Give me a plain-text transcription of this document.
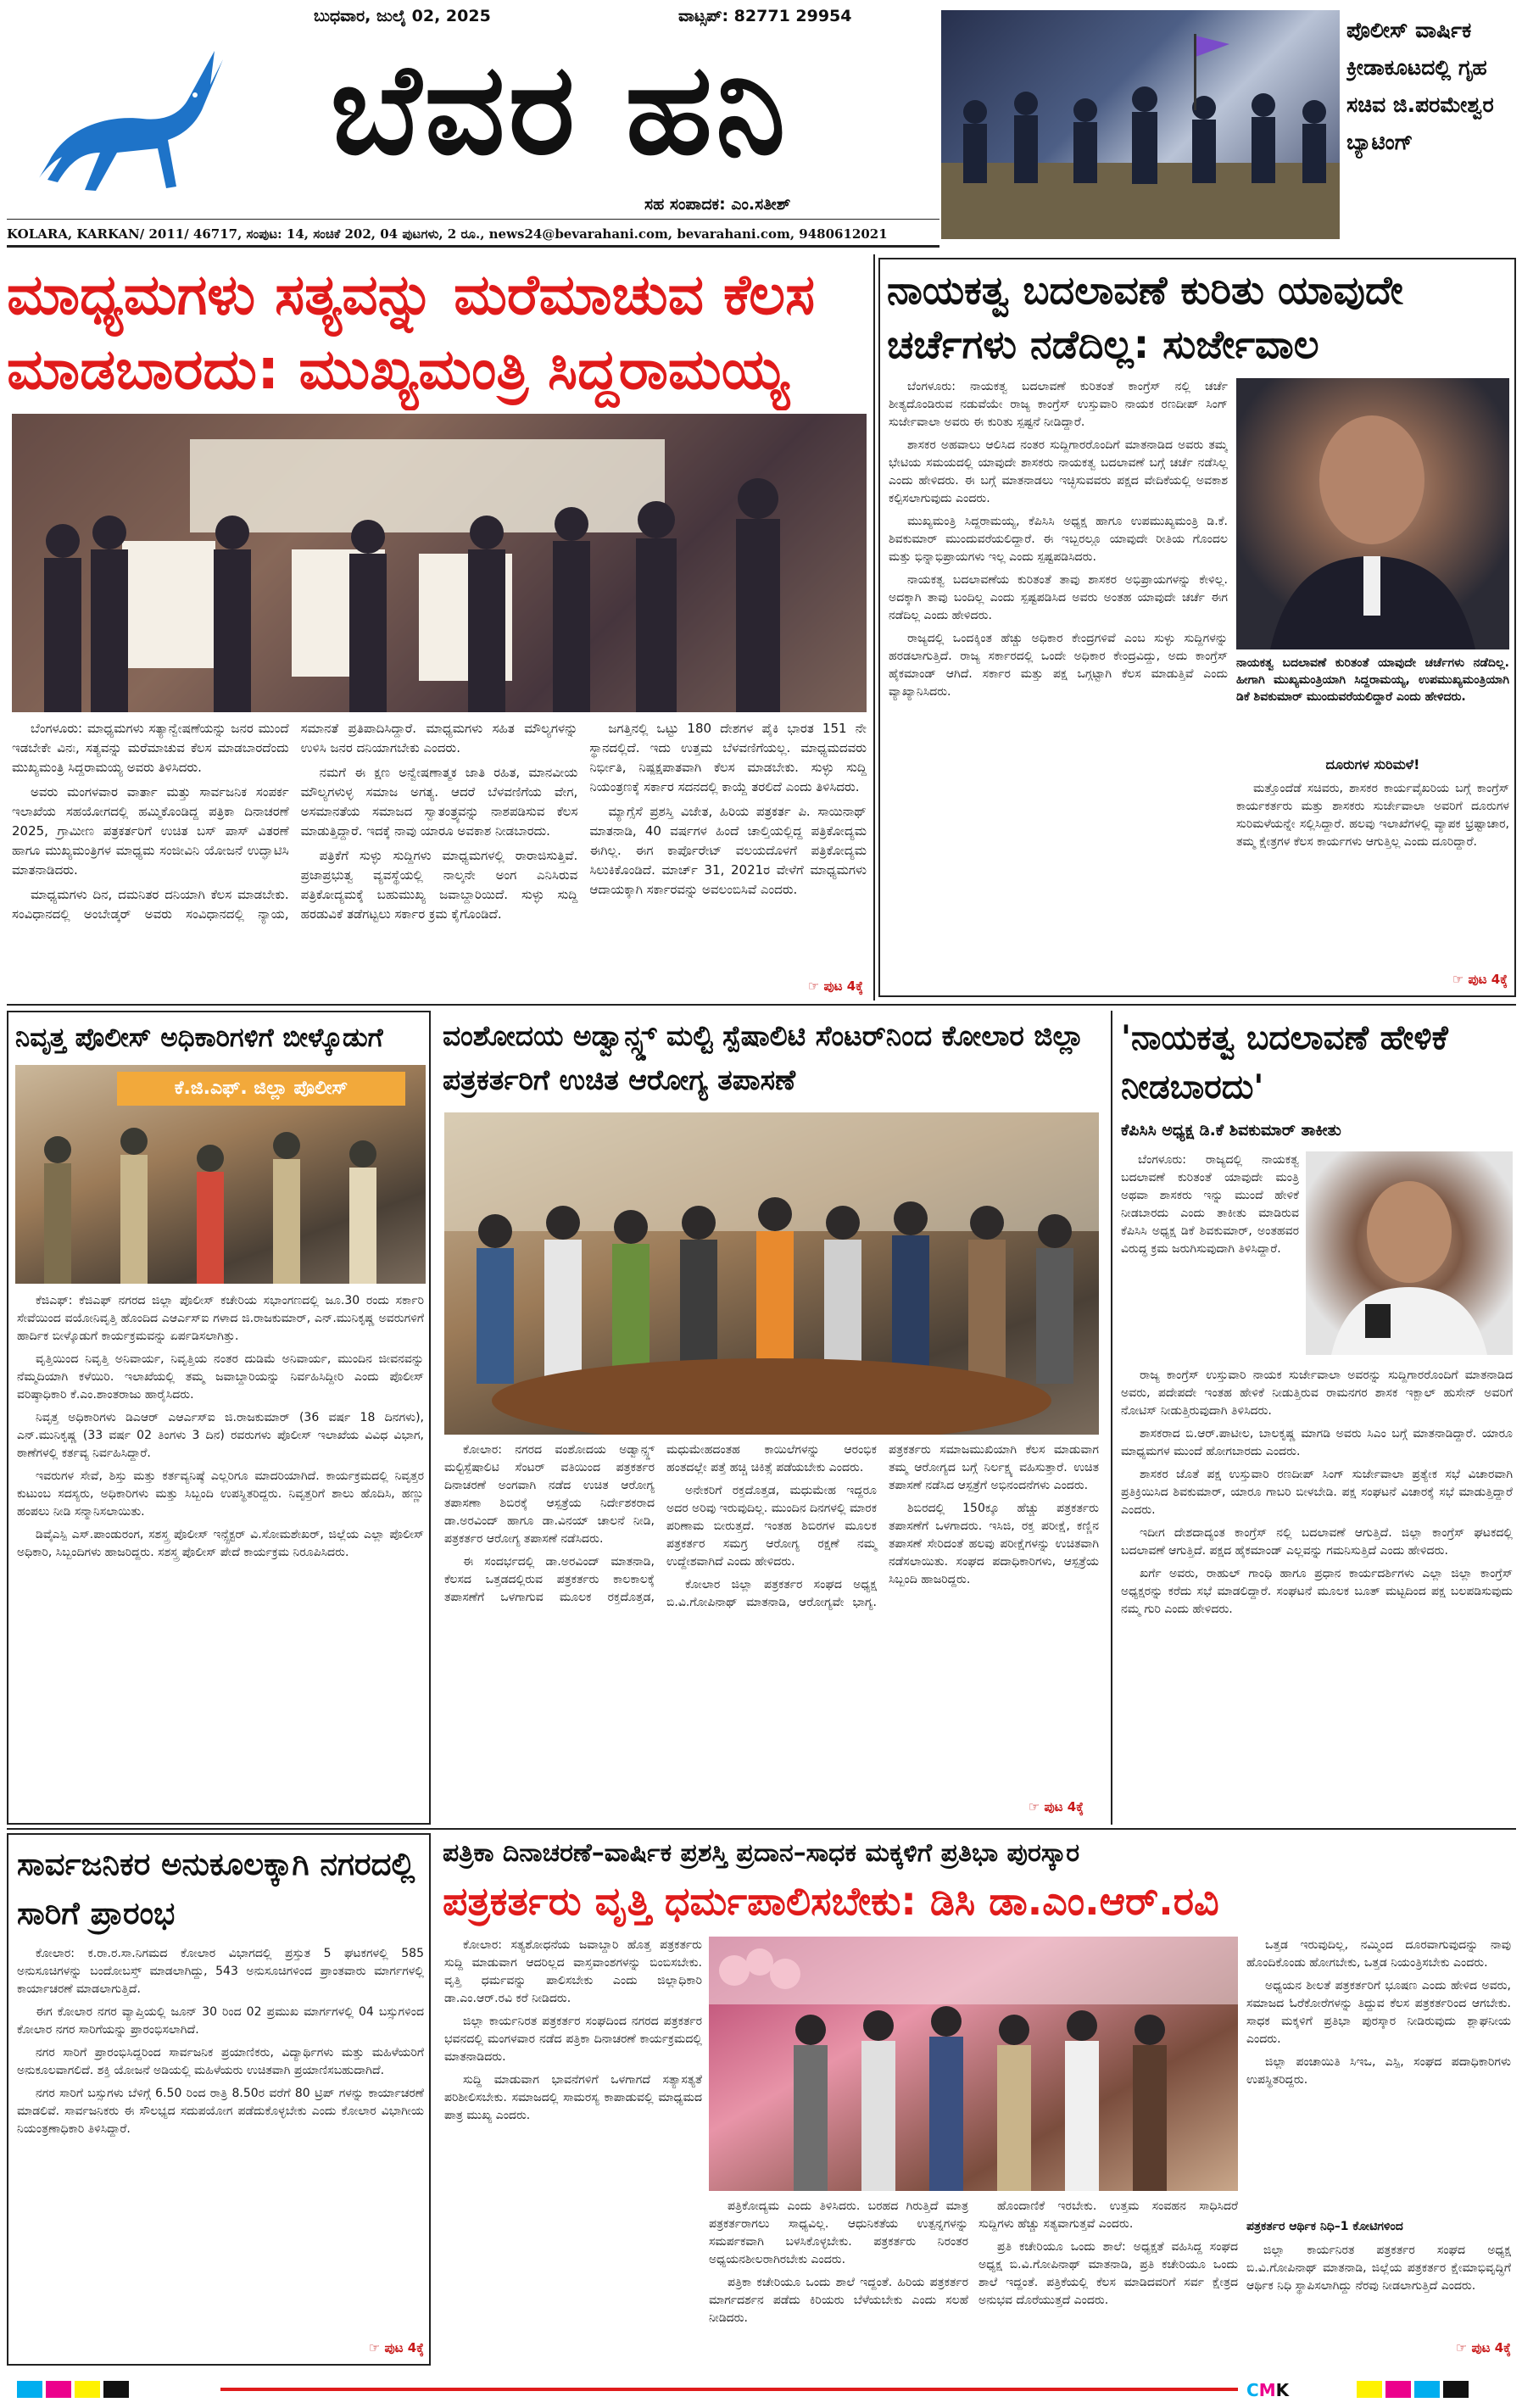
ಬುಧವಾರ, ಜುಲೈ 02, 2025	ವಾಟ್ಸಪ್: 82771 29954
ಬೆವರ ಹನಿ
ಸಹ ಸಂಪಾದಕ: ಎಂ.ಸತೀಶ್
KOLARA, KARKAN/ 2011/ 46717, ಸಂಪುಟ: 14, ಸಂಚಿಕೆ 202, 04 ಪುಟಗಳು, 2 ರೂ., news24@bevarahani.com, bevarahani.com, 9480612021
ಪೊಲೀಸ್ ವಾರ್ಷಿಕ ಕ್ರೀಡಾಕೂಟದಲ್ಲಿ ಗೃಹ ಸಚಿವ ಜಿ.ಪರಮೇಶ್ವರ ಬ್ಯಾಟಿಂಗ್
ಮಾಧ್ಯಮಗಳು ಸತ್ಯವನ್ನು ಮರೆಮಾಚುವ ಕೆಲಸ ಮಾಡಬಾರದು: ಮುಖ್ಯಮಂತ್ರಿ ಸಿದ್ದರಾಮಯ್ಯ

ಬೆಂಗಳೂರು: ಮಾಧ್ಯಮಗಳು ಸತ್ಯಾನ್ವೇಷಣೆಯನ್ನು ಜನರ ಮುಂದೆ ಇಡಬೇಕೇ ವಿನಃ, ಸತ್ಯವನ್ನು ಮರೆಮಾಚುವ ಕೆಲಸ ಮಾಡಬಾರದೆಂದು ಮುಖ್ಯಮಂತ್ರಿ ಸಿದ್ದರಾಮಯ್ಯ ಅವರು ತಿಳಿಸಿದರು.

ಅವರು ಮಂಗಳವಾರ ವಾರ್ತಾ ಮತ್ತು ಸಾರ್ವಜನಿಕ ಸಂಪರ್ಕ ಇಲಾಖೆಯ ಸಹಯೋಗದಲ್ಲಿ ಹಮ್ಮಿಕೊಂಡಿದ್ದ ಪತ್ರಿಕಾ ದಿನಾಚರಣೆ 2025, ಗ್ರಾಮೀಣ ಪತ್ರಕರ್ತರಿಗೆ ಉಚಿತ ಬಸ್ ಪಾಸ್ ವಿತರಣೆ ಹಾಗೂ ಮುಖ್ಯಮಂತ್ರಿಗಳ ಮಾಧ್ಯಮ ಸಂಜೀವಿನಿ ಯೋಜನೆ ಉದ್ಘಾಟಿಸಿ ಮಾತನಾಡಿದರು.

ಮಾಧ್ಯಮಗಳು ದಿನ, ದಮನಿತರ ದನಿಯಾಗಿ ಕೆಲಸ ಮಾಡಬೇಕು. ಸಂವಿಧಾನದಲ್ಲಿ ಅಂಬೇಡ್ಕರ್ ಅವರು ಸಂವಿಧಾನದಲ್ಲಿ ನ್ಯಾಯ, ಸಮಾನತೆ ಪ್ರತಿಪಾದಿಸಿದ್ದಾರೆ. ಮಾಧ್ಯಮಗಳು ಸಹಿತ ಮೌಲ್ಯಗಳನ್ನು ಉಳಿಸಿ ಜನರ ದನಿಯಾಗಬೇಕು ಎಂದರು.

ನಮಗೆ ಈ ಕ್ಷಣ ಅನ್ವೇಷಣಾತ್ಮಕ ಜಾತಿ ರಹಿತ, ಮಾನವೀಯ ಮೌಲ್ಯಗಳುಳ್ಳ ಸಮಾಜ ಅಗತ್ಯ. ಆದರೆ ಬೆಳವಣಿಗೆಯ ವೇಗ, ಅಸಮಾನತೆಯ ಸಮಾಜದ ಸ್ವಾತಂತ್ರ್ಯವನ್ನು ನಾಶಪಡಿಸುವ ಕೆಲಸ ಮಾಡುತ್ತಿದ್ದಾರೆ. ಇದಕ್ಕೆ ನಾವು ಯಾರೂ ಅವಕಾಶ ನೀಡಬಾರದು.

ಪತ್ರಿಕೆಗೆ ಸುಳ್ಳು ಸುದ್ದಿಗಳು ಮಾಧ್ಯಮಗಳಲ್ಲಿ ರಾರಾಜಿಸುತ್ತಿವೆ. ಪ್ರಜಾಪ್ರಭುತ್ವ ವ್ಯವಸ್ಥೆಯಲ್ಲಿ ನಾಲ್ಕನೇ ಅಂಗ ಎನಿಸಿರುವ ಪತ್ರಿಕೋದ್ಯಮಕ್ಕೆ ಬಹುಮುಖ್ಯ ಜವಾಬ್ದಾರಿಯಿದೆ. ಸುಳ್ಳು ಸುದ್ದಿ ಹರಡುವಿಕೆ ತಡೆಗಟ್ಟಲು ಸರ್ಕಾರ ಕ್ರಮ ಕೈಗೊಂಡಿದೆ.

ಜಗತ್ತಿನಲ್ಲಿ ಒಟ್ಟು 180 ದೇಶಗಳ ಪೈಕಿ ಭಾರತ 151 ನೇ ಸ್ಥಾನದಲ್ಲಿದೆ. ಇದು ಉತ್ತಮ ಬೆಳವಣಿಗೆಯಲ್ಲ. ಮಾಧ್ಯಮದವರು ನಿರ್ಭೀತಿ, ನಿಷ್ಪಕ್ಷಪಾತವಾಗಿ ಕೆಲಸ ಮಾಡಬೇಕು. ಸುಳ್ಳು ಸುದ್ದಿ ನಿಯಂತ್ರಣಕ್ಕೆ ಸರ್ಕಾರ ಸದನದಲ್ಲಿ ಕಾಯ್ದೆ ತರಲಿದೆ ಎಂದು ತಿಳಿಸಿದರು.

ಮ್ಯಾಗ್ಸೆಸೆ ಪ್ರಶಸ್ತಿ ವಿಜೇತ, ಹಿರಿಯ ಪತ್ರಕರ್ತ ಪಿ. ಸಾಯಿನಾಥ್ ಮಾತನಾಡಿ, 40 ವರ್ಷಗಳ ಹಿಂದೆ ಚಾಲ್ತಿಯಲ್ಲಿದ್ದ ಪತ್ರಿಕೋದ್ಯಮ ಈಗಿಲ್ಲ. ಈಗ ಕಾರ್ಪೊರೇಟ್ ವಲಯದೊಳಗೆ ಪತ್ರಿಕೋದ್ಯಮ ಸಿಲುಕಿಕೊಂಡಿದೆ. ಮಾರ್ಚ್ 31, 2021ರ ವೇಳೆಗೆ ಮಾಧ್ಯಮಗಳು ಆದಾಯಕ್ಕಾಗಿ ಸರ್ಕಾರವನ್ನು ಅವಲಂಬಿಸಿವೆ ಎಂದರು.

☞ ಪುಟ 4ಕ್ಕೆ
ನಾಯಕತ್ವ ಬದಲಾವಣೆ ಕುರಿತು ಯಾವುದೇ ಚರ್ಚೆಗಳು ನಡೆದಿಲ್ಲ: ಸುರ್ಜೇವಾಲ

ಬೆಂಗಳೂರು: ನಾಯಕತ್ವ ಬದಲಾವಣೆ ಕುರಿತಂತೆ ಕಾಂಗ್ರೆಸ್ ನಲ್ಲಿ ಚರ್ಚೆ ಶೀತ್ಯದೊಂಡಿರುವ ನಡುವೆಯೇ ರಾಜ್ಯ ಕಾಂಗ್ರೆಸ್ ಉಸ್ತುವಾರಿ ನಾಯಕ ರಣದೀಪ್ ಸಿಂಗ್ ಸುರ್ಜೇವಾಲಾ ಅವರು ಈ ಕುರಿತು ಸ್ಪಷ್ಟನೆ ನೀಡಿದ್ದಾರೆ.

ಶಾಸಕರ ಅಹವಾಲು ಆಲಿಸಿದ ನಂತರ ಸುದ್ದಿಗಾರರೊಂದಿಗೆ ಮಾತನಾಡಿದ ಅವರು ತಮ್ಮ ಭೇಟಿಯ ಸಮಯದಲ್ಲಿ ಯಾವುದೇ ಶಾಸಕರು ನಾಯಕತ್ವ ಬದಲಾವಣೆ ಬಗ್ಗೆ ಚರ್ಚೆ ನಡೆಸಿಲ್ಲ ಎಂದು ಹೇಳಿದರು. ಈ ಬಗ್ಗೆ ಮಾತನಾಡಲು ಇಚ್ಛಿಸುವವರು ಪಕ್ಷದ ವೇದಿಕೆಯಲ್ಲಿ ಅವಕಾಶ ಕಲ್ಪಿಸಲಾಗುವುದು ಎಂದರು.

ಮುಖ್ಯಮಂತ್ರಿ ಸಿದ್ದರಾಮಯ್ಯ, ಕೆಪಿಸಿಸಿ ಅಧ್ಯಕ್ಷ ಹಾಗೂ ಉಪಮುಖ್ಯಮಂತ್ರಿ ಡಿ.ಕೆ. ಶಿವಕುಮಾರ್ ಮುಂದುವರೆಯಲಿದ್ದಾರೆ. ಈ ಇಬ್ಬರಲ್ಲೂ ಯಾವುದೇ ರೀತಿಯ ಗೊಂದಲ ಮತ್ತು ಭಿನ್ನಾಭಿಪ್ರಾಯಗಳು ಇಲ್ಲ ಎಂದು ಸ್ಪಷ್ಟಪಡಿಸಿದರು.

ನಾಯಕತ್ವ ಬದಲಾವಣೆಯ ಕುರಿತಂತೆ ತಾವು ಶಾಸಕರ ಅಭಿಪ್ರಾಯಗಳನ್ನು ಕೇಳಿಲ್ಲ. ಅದಕ್ಕಾಗಿ ತಾವು ಬಂದಿಲ್ಲ ಎಂದು ಸ್ಪಷ್ಟಪಡಿಸಿದ ಅವರು ಅಂತಹ ಯಾವುದೇ ಚರ್ಚೆ ಈಗ ನಡೆದಿಲ್ಲ ಎಂದು ಹೇಳಿದರು.

ರಾಜ್ಯದಲ್ಲಿ ಒಂದಕ್ಕಿಂತ ಹೆಚ್ಚು ಅಧಿಕಾರ ಕೇಂದ್ರಗಳಿವೆ ಎಂಬ ಸುಳ್ಳು ಸುದ್ದಿಗಳನ್ನು ಹರಡಲಾಗುತ್ತಿದೆ. ರಾಜ್ಯ ಸರ್ಕಾರದಲ್ಲಿ ಒಂದೇ ಅಧಿಕಾರ ಕೇಂದ್ರವಿದ್ದು, ಅದು ಕಾಂಗ್ರೆಸ್ ಹೈಕಮಾಂಡ್ ಆಗಿದೆ. ಸರ್ಕಾರ ಮತ್ತು ಪಕ್ಷ ಒಗ್ಗಟ್ಟಾಗಿ ಕೆಲಸ ಮಾಡುತ್ತಿವೆ ಎಂದು ವ್ಯಾಖ್ಯಾನಿಸಿದರು.

ನಾಯಕತ್ವ ಬದಲಾವಣೆ ಕುರಿತಂತೆ ಯಾವುದೇ ಚರ್ಚೆಗಳು ನಡೆದಿಲ್ಲ. ಹೀಗಾಗಿ ಮುಖ್ಯಮಂತ್ರಿಯಾಗಿ ಸಿದ್ದರಾಮಯ್ಯ, ಉಪಮುಖ್ಯಮಂತ್ರಿಯಾಗಿ ಡಿಕೆ ಶಿವಕುಮಾರ್ ಮುಂದುವರೆಯಲಿದ್ದಾರೆ ಎಂದು ಹೇಳಿದರು.
ದೂರುಗಳ ಸುರಿಮಳೆ!
ಮತ್ತೊಂದೆಡೆ ಸಚಿವರು, ಶಾಸಕರ ಕಾರ್ಯವೈಖರಿಯ ಬಗ್ಗೆ ಕಾಂಗ್ರೆಸ್ ಕಾರ್ಯಕರ್ತರು ಮತ್ತು ಶಾಸಕರು ಸುರ್ಜೇವಾಲಾ ಅವರಿಗೆ ದೂರುಗಳ ಸುರಿಮಳೆಯನ್ನೇ ಸಲ್ಲಿಸಿದ್ದಾರೆ. ಹಲವು ಇಲಾಖೆಗಳಲ್ಲಿ ವ್ಯಾಪಕ ಭ್ರಷ್ಟಾಚಾರ, ತಮ್ಮ ಕ್ಷೇತ್ರಗಳ ಕೆಲಸ ಕಾರ್ಯಗಳು ಆಗುತ್ತಿಲ್ಲ ಎಂದು ದೂರಿದ್ದಾರೆ.
☞ ಪುಟ 4ಕ್ಕೆ
ನಿವೃತ್ತ ಪೊಲೀಸ್ ಅಧಿಕಾರಿಗಳಿಗೆ ಬೀಳ್ಕೊಡುಗೆ
ಕೆ.ಜಿ.ಎಫ್. ಜಿಲ್ಲಾ ಪೊಲೀಸ್

ಕೆಜಿಎಫ್: ಕೆಜಿಎಫ್ ನಗರದ ಜಿಲ್ಲಾ ಪೊಲೀಸ್ ಕಚೇರಿಯ ಸಭಾಂಗಣದಲ್ಲಿ ಜೂ.30 ರಂದು ಸರ್ಕಾರಿ ಸೇವೆಯಿಂದ ವಯೋನಿವೃತ್ತಿ ಹೊಂದಿದ ಎಆರ್ಎಸ್ಐ ಗಳಾದ ಜಿ.ರಾಜಕುಮಾರ್, ಎನ್.ಮುನಿಕೃಷ್ಣ ಅವರುಗಳಿಗೆ ಹಾರ್ದಿಕ ಬೀಳ್ಕೊಡುಗೆ ಕಾರ್ಯಕ್ರಮವನ್ನು ಏರ್ಪಡಿಸಲಾಗಿತ್ತು.

ವೃತ್ತಿಯಿಂದ ನಿವೃತ್ತಿ ಅನಿವಾರ್ಯ, ನಿವೃತ್ತಿಯ ನಂತರ ದುಡಿಮೆ ಅನಿವಾರ್ಯ, ಮುಂದಿನ ಜೀವನವನ್ನು ನೆಮ್ಮದಿಯಾಗಿ ಕಳೆಯಿರಿ. ಇಲಾಖೆಯಲ್ಲಿ ತಮ್ಮ ಜವಾಬ್ದಾರಿಯನ್ನು ನಿರ್ವಹಿಸಿದ್ದೀರಿ ಎಂದು ಪೊಲೀಸ್ ವರಿಷ್ಠಾಧಿಕಾರಿ ಕೆ.ಎಂ.ಶಾಂತರಾಜು ಹಾರೈಸಿದರು.

ನಿವೃತ್ತ ಅಧಿಕಾರಿಗಳು ಡಿಎಆರ್ ಎಆರ್ಎಸ್ಐ ಜಿ.ರಾಜಕುಮಾರ್ (36 ವರ್ಷ 18 ದಿನಗಳು), ಎನ್.ಮುನಿಕೃಷ್ಣ (33 ವರ್ಷ 02 ತಿಂಗಳು 3 ದಿನ) ರವರುಗಳು ಪೊಲೀಸ್ ಇಲಾಖೆಯ ವಿವಿಧ ವಿಭಾಗ, ಠಾಣೆಗಳಲ್ಲಿ ಕರ್ತವ್ಯ ನಿರ್ವಹಿಸಿದ್ದಾರೆ.

ಇವರುಗಳ ಸೇವೆ, ಶಿಸ್ತು ಮತ್ತು ಕರ್ತವ್ಯನಿಷ್ಠೆ ಎಲ್ಲರಿಗೂ ಮಾದರಿಯಾಗಿದೆ. ಕಾರ್ಯಕ್ರಮದಲ್ಲಿ ನಿವೃತ್ತರ ಕುಟುಂಬ ಸದಸ್ಯರು, ಅಧಿಕಾರಿಗಳು ಮತ್ತು ಸಿಬ್ಬಂದಿ ಉಪಸ್ಥಿತರಿದ್ದರು. ನಿವೃತ್ತರಿಗೆ ಶಾಲು ಹೊದಿಸಿ, ಹಣ್ಣು ಹಂಪಲು ನೀಡಿ ಸನ್ಮಾನಿಸಲಾಯಿತು.

ಡಿವೈಎಸ್ಪಿ ಎಸ್.ಪಾಂಡುರಂಗ, ಸಶಸ್ತ್ರ ಪೊಲೀಸ್ ಇನ್ಸ್ಪೆಕ್ಟರ್ ವಿ.ಸೋಮಶೇಖರ್, ಜಿಲ್ಲೆಯ ಎಲ್ಲಾ ಪೊಲೀಸ್ ಅಧಿಕಾರಿ, ಸಿಬ್ಬಂದಿಗಳು ಹಾಜರಿದ್ದರು. ಸಶಸ್ತ್ರ ಪೊಲೀಸ್ ಪೇದೆ ಕಾರ್ಯಕ್ರಮ ನಿರೂಪಿಸಿದರು.

ವಂಶೋದಯ ಅಡ್ವಾನ್ಸ್ಡ್ ಮಲ್ಟಿ ಸ್ಪೆಷಾಲಿಟಿ ಸೆಂಟರ್‌ನಿಂದ ಕೋಲಾರ ಜಿಲ್ಲಾ ಪತ್ರಕರ್ತರಿಗೆ ಉಚಿತ ಆರೋಗ್ಯ ತಪಾಸಣೆ

ಕೋಲಾರ: ನಗರದ ವಂಶೋದಯ ಅಡ್ವಾನ್ಸ್ಡ್ ಮಲ್ಟಿಸ್ಪೆಷಾಲಿಟಿ ಸೆಂಟರ್ ವತಿಯಿಂದ ಪತ್ರಕರ್ತರ ದಿನಾಚರಣೆ ಅಂಗವಾಗಿ ನಡೆದ ಉಚಿತ ಆರೋಗ್ಯ ತಪಾಸಣಾ ಶಿಬಿರಕ್ಕೆ ಆಸ್ಪತ್ರೆಯ ನಿರ್ದೇಶಕರಾದ ಡಾ.ಅರವಿಂದ್ ಹಾಗೂ ಡಾ.ವಿನಯ್ ಚಾಲನೆ ನೀಡಿ, ಪತ್ರಕರ್ತರ ಆರೋಗ್ಯ ತಪಾಸಣೆ ನಡೆಸಿದರು.

ಈ ಸಂದರ್ಭದಲ್ಲಿ ಡಾ.ಅರವಿಂದ್ ಮಾತನಾಡಿ, ಕೆಲಸದ ಒತ್ತಡದಲ್ಲಿರುವ ಪತ್ರಕರ್ತರು ಕಾಲಕಾಲಕ್ಕೆ ತಪಾಸಣೆಗೆ ಒಳಗಾಗುವ ಮೂಲಕ ರಕ್ತದೊತ್ತಡ, ಮಧುಮೇಹದಂತಹ ಕಾಯಿಲೆಗಳನ್ನು ಆರಂಭಿಕ ಹಂತದಲ್ಲೇ ಪತ್ತೆ ಹಚ್ಚಿ ಚಿಕಿತ್ಸೆ ಪಡೆಯಬೇಕು ಎಂದರು.

ಅನೇಕರಿಗೆ ರಕ್ತದೊತ್ತಡ, ಮಧುಮೇಹ ಇದ್ದರೂ ಅದರ ಅರಿವು ಇರುವುದಿಲ್ಲ. ಮುಂದಿನ ದಿನಗಳಲ್ಲಿ ಮಾರಕ ಪರಿಣಾಮ ಬೀರುತ್ತದೆ. ಇಂತಹ ಶಿಬಿರಗಳ ಮೂಲಕ ಪತ್ರಕರ್ತರ ಸಮಗ್ರ ಆರೋಗ್ಯ ರಕ್ಷಣೆ ನಮ್ಮ ಉದ್ದೇಶವಾಗಿದೆ ಎಂದು ಹೇಳಿದರು.

ಕೋಲಾರ ಜಿಲ್ಲಾ ಪತ್ರಕರ್ತರ ಸಂಘದ ಅಧ್ಯಕ್ಷ ಬಿ.ವಿ.ಗೋಪಿನಾಥ್ ಮಾತನಾಡಿ, ಆರೋಗ್ಯವೇ ಭಾಗ್ಯ. ಪತ್ರಕರ್ತರು ಸಮಾಜಮುಖಿಯಾಗಿ ಕೆಲಸ ಮಾಡುವಾಗ ತಮ್ಮ ಆರೋಗ್ಯದ ಬಗ್ಗೆ ನಿರ್ಲಕ್ಷ್ಯ ವಹಿಸುತ್ತಾರೆ. ಉಚಿತ ತಪಾಸಣೆ ನಡೆಸಿದ ಆಸ್ಪತ್ರೆಗೆ ಅಭಿನಂದನೆಗಳು ಎಂದರು.

ಶಿಬಿರದಲ್ಲಿ 150ಕ್ಕೂ ಹೆಚ್ಚು ಪತ್ರಕರ್ತರು ತಪಾಸಣೆಗೆ ಒಳಗಾದರು. ಇಸಿಜಿ, ರಕ್ತ ಪರೀಕ್ಷೆ, ಕಣ್ಣಿನ ತಪಾಸಣೆ ಸೇರಿದಂತೆ ಹಲವು ಪರೀಕ್ಷೆಗಳನ್ನು ಉಚಿತವಾಗಿ ನಡೆಸಲಾಯಿತು. ಸಂಘದ ಪದಾಧಿಕಾರಿಗಳು, ಆಸ್ಪತ್ರೆಯ ಸಿಬ್ಬಂದಿ ಹಾಜರಿದ್ದರು.

☞ ಪುಟ 4ಕ್ಕೆ
'ನಾಯಕತ್ವ ಬದಲಾವಣೆ ಹೇಳಿಕೆ ನೀಡಬಾರದು'
ಕೆಪಿಸಿಸಿ ಅಧ್ಯಕ್ಷ ಡಿ.ಕೆ ಶಿವಕುಮಾರ್ ತಾಕೀತು
ಬೆಂಗಳೂರು: ರಾಜ್ಯದಲ್ಲಿ ನಾಯಕತ್ವ ಬದಲಾವಣೆ ಕುರಿತಂತೆ ಯಾವುದೇ ಮಂತ್ರಿ ಅಥವಾ ಶಾಸಕರು ಇನ್ನು ಮುಂದೆ ಹೇಳಿಕೆ ನೀಡಬಾರದು ಎಂದು ತಾಕೀತು ಮಾಡಿರುವ ಕೆಪಿಸಿಸಿ ಅಧ್ಯಕ್ಷ ಡಿಕೆ ಶಿವಕುಮಾರ್, ಅಂತಹವರ ವಿರುದ್ಧ ಕ್ರಮ ಜರುಗಿಸುವುದಾಗಿ ತಿಳಿಸಿದ್ದಾರೆ.

ರಾಜ್ಯ ಕಾಂಗ್ರೆಸ್ ಉಸ್ತುವಾರಿ ನಾಯಕ ಸುರ್ಜೇವಾಲಾ ಅವರನ್ನು ಸುದ್ದಿಗಾರರೊಂದಿಗೆ ಮಾತನಾಡಿದ ಅವರು, ಪದೇಪದೇ ಇಂತಹ ಹೇಳಿಕೆ ನೀಡುತ್ತಿರುವ ರಾಮನಗರ ಶಾಸಕ ಇಕ್ಬಾಲ್ ಹುಸೇನ್ ಅವರಿಗೆ ನೋಟಿಸ್ ನೀಡುತ್ತಿರುವುದಾಗಿ ತಿಳಿಸಿದರು.

ಶಾಸಕರಾದ ಬಿ.ಆರ್.ಪಾಟೀಲ, ಬಾಲಕೃಷ್ಣ ಮಾಗಡಿ ಅವರು ಸಿಎಂ ಬಗ್ಗೆ ಮಾತನಾಡಿದ್ದಾರೆ. ಯಾರೂ ಮಾಧ್ಯಮಗಳ ಮುಂದೆ ಹೋಗಬಾರದು ಎಂದರು.

ಶಾಸಕರ ಜೊತೆ ಪಕ್ಷ ಉಸ್ತುವಾರಿ ರಣದೀಪ್ ಸಿಂಗ್ ಸುರ್ಜೇವಾಲಾ ಪ್ರತ್ಯೇಕ ಸಭೆ ವಿಚಾರವಾಗಿ ಪ್ರತಿಕ್ರಿಯಿಸಿದ ಶಿವಕುಮಾರ್, ಯಾರೂ ಗಾಬರಿ ಬೀಳಬೇಡಿ. ಪಕ್ಷ ಸಂಘಟನೆ ವಿಚಾರಕ್ಕೆ ಸಭೆ ಮಾಡುತ್ತಿದ್ದಾರೆ ಎಂದರು.

ಇದೀಗ ದೇಶದಾದ್ಯಂತ ಕಾಂಗ್ರೆಸ್ ನಲ್ಲಿ ಬದಲಾವಣೆ ಆಗುತ್ತಿದೆ. ಜಿಲ್ಲಾ ಕಾಂಗ್ರೆಸ್ ಘಟಕದಲ್ಲಿ ಬದಲಾವಣೆ ಆಗುತ್ತಿದೆ. ಪಕ್ಷದ ಹೈಕಮಾಂಡ್ ಎಲ್ಲವನ್ನು ಗಮನಿಸುತ್ತಿದೆ ಎಂದು ಹೇಳಿದರು.

ಖರ್ಗೆ ಅವರು, ರಾಹುಲ್ ಗಾಂಧಿ ಹಾಗೂ ಪ್ರಧಾನ ಕಾರ್ಯದರ್ಶಿಗಳು ಎಲ್ಲಾ ಜಿಲ್ಲಾ ಕಾಂಗ್ರೆಸ್ ಅಧ್ಯಕ್ಷರನ್ನು ಕರೆದು ಸಭೆ ಮಾಡಲಿದ್ದಾರೆ. ಸಂಘಟನೆ ಮೂಲಕ ಬೂತ್ ಮಟ್ಟದಿಂದ ಪಕ್ಷ ಬಲಪಡಿಸುವುದು ನಮ್ಮ ಗುರಿ ಎಂದು ಹೇಳಿದರು.

ಸಾರ್ವಜನಿಕರ ಅನುಕೂಲಕ್ಕಾಗಿ ನಗರದಲ್ಲಿ ಸಾರಿಗೆ ಪ್ರಾರಂಭ

ಕೋಲಾರ: ಕ.ರಾ.ರ.ಸಾ.ನಿಗಮದ ಕೋಲಾರ ವಿಭಾಗದಲ್ಲಿ ಪ್ರಸ್ತುತ 5 ಘಟಕಗಳಲ್ಲಿ 585 ಅನುಸೂಚಿಗಳನ್ನು ಬಂದೋಬಸ್ತ್ ಮಾಡಲಾಗಿದ್ದು, 543 ಅನುಸೂಚಿಗಳಿಂದ ಪ್ರಾಂತವಾರು ಮಾರ್ಗಗಳಲ್ಲಿ ಕಾರ್ಯಾಚರಣೆ ಮಾಡಲಾಗುತ್ತಿದೆ.

ಈಗ ಕೋಲಾರ ನಗರ ವ್ಯಾಪ್ತಿಯಲ್ಲಿ ಜೂನ್ 30 ರಿಂದ 02 ಪ್ರಮುಖ ಮಾರ್ಗಗಳಲ್ಲಿ 04 ಬಸ್ಸುಗಳಿಂದ ಕೋಲಾರ ನಗರ ಸಾರಿಗೆಯನ್ನು ಪ್ರಾರಂಭಿಸಲಾಗಿದೆ.

ನಗರ ಸಾರಿಗೆ ಪ್ರಾರಂಭಿಸಿದ್ದರಿಂದ ಸಾರ್ವಜನಿಕ ಪ್ರಯಾಣಿಕರು, ವಿದ್ಯಾರ್ಥಿಗಳು ಮತ್ತು ಮಹಿಳೆಯರಿಗೆ ಅನುಕೂಲವಾಗಲಿದೆ. ಶಕ್ತಿ ಯೋಜನೆ ಅಡಿಯಲ್ಲಿ ಮಹಿಳೆಯರು ಉಚಿತವಾಗಿ ಪ್ರಯಾಣಿಸಬಹುದಾಗಿದೆ.

ನಗರ ಸಾರಿಗೆ ಬಸ್ಸುಗಳು ಬೆಳಿಗ್ಗೆ 6.50 ರಿಂದ ರಾತ್ರಿ 8.50ರ ವರೆಗೆ 80 ಟ್ರಿಪ್ ಗಳನ್ನು ಕಾರ್ಯಾಚರಣೆ ಮಾಡಲಿವೆ. ಸಾರ್ವಜನಿಕರು ಈ ಸೌಲಭ್ಯದ ಸದುಪಯೋಗ ಪಡೆದುಕೊಳ್ಳಬೇಕು ಎಂದು ಕೋಲಾರ ವಿಭಾಗೀಯ ನಿಯಂತ್ರಣಾಧಿಕಾರಿ ತಿಳಿಸಿದ್ದಾರೆ.

☞ ಪುಟ 4ಕ್ಕೆ
ಪತ್ರಿಕಾ ದಿನಾಚರಣೆ–ವಾರ್ಷಿಕ ಪ್ರಶಸ್ತಿ ಪ್ರದಾನ–ಸಾಧಕ ಮಕ್ಕಳಿಗೆ ಪ್ರತಿಭಾ ಪುರಸ್ಕಾರ
ಪತ್ರಕರ್ತರು ವೃತ್ತಿ ಧರ್ಮಪಾಲಿಸಬೇಕು: ಡಿಸಿ ಡಾ.ಎಂ.ಆರ್.ರವಿ

ಕೋಲಾರ: ಸತ್ಯಶೋಧನೆಯ ಜವಾಬ್ದಾರಿ ಹೊತ್ತ ಪತ್ರಕರ್ತರು ಸುದ್ದಿ ಮಾಡುವಾಗ ಆದರಿಲ್ಲದ ವಾಸ್ತವಾಂಶಗಳನ್ನು ಬಿಂಬಿಸಬೇಕು. ವೃತ್ತಿ ಧರ್ಮವನ್ನು ಪಾಲಿಸಬೇಕು ಎಂದು ಜಿಲ್ಲಾಧಿಕಾರಿ ಡಾ.ಎಂ.ಆರ್.ರವಿ ಕರೆ ನೀಡಿದರು.

ಜಿಲ್ಲಾ ಕಾರ್ಯನಿರತ ಪತ್ರಕರ್ತರ ಸಂಘದಿಂದ ನಗರದ ಪತ್ರಕರ್ತರ ಭವನದಲ್ಲಿ ಮಂಗಳವಾರ ನಡೆದ ಪತ್ರಿಕಾ ದಿನಾಚರಣೆ ಕಾರ್ಯಕ್ರಮದಲ್ಲಿ ಮಾತನಾಡಿದರು.

ಸುದ್ದಿ ಮಾಡುವಾಗ ಭಾವನೆಗಳಿಗೆ ಒಳಗಾಗದೆ ಸತ್ಯಾಸತ್ಯತೆ ಪರಿಶೀಲಿಸಬೇಕು. ಸಮಾಜದಲ್ಲಿ ಸಾಮರಸ್ಯ ಕಾಪಾಡುವಲ್ಲಿ ಮಾಧ್ಯಮದ ಪಾತ್ರ ಮುಖ್ಯ ಎಂದರು.

ಪತ್ರಿಕೋದ್ಯಮ ಎಂದು ತಿಳಿಸಿದರು. ಬರಹದ ಗಿರುತ್ತಿದೆ ಮಾತ್ರ ಪತ್ರಕರ್ತರಾಗಲು ಸಾಧ್ಯವಿಲ್ಲ. ಆಧುನಿಕತೆಯ ಉತ್ಪನ್ನಗಳನ್ನು ಸಮರ್ಪಕವಾಗಿ ಬಳಸಿಕೊಳ್ಳಬೇಕು. ಪತ್ರಕರ್ತರು ನಿರಂತರ ಅಧ್ಯಯನಶೀಲರಾಗಿರಬೇಕು ಎಂದರು.

ಪತ್ರಿಕಾ ಕಚೇರಿಯೂ ಒಂದು ಶಾಲೆ ಇದ್ದಂತೆ. ಹಿರಿಯ ಪತ್ರಕರ್ತರ ಮಾರ್ಗದರ್ಶನ ಪಡೆದು ಕಿರಿಯರು ಬೆಳೆಯಬೇಕು ಎಂದು ಸಲಹೆ ನೀಡಿದರು.

ಹೊಂದಾಣಿಕೆ ಇರಬೇಕು. ಉತ್ತಮ ಸಂವಹನ ಸಾಧಿಸಿದರೆ ಸುದ್ದಿಗಳು ಹೆಚ್ಚು ಸತ್ಯವಾಗುತ್ತವೆ ಎಂದರು.

ಪ್ರತಿ ಕಚೇರಿಯೂ ಒಂದು ಶಾಲೆ: ಅಧ್ಯಕ್ಷತೆ ವಹಿಸಿದ್ದ ಸಂಘದ ಅಧ್ಯಕ್ಷ ಬಿ.ವಿ.ಗೋಪಿನಾಥ್ ಮಾತನಾಡಿ, ಪ್ರತಿ ಕಚೇರಿಯೂ ಒಂದು ಶಾಲೆ ಇದ್ದಂತೆ. ಪತ್ರಿಕೆಯಲ್ಲಿ ಕೆಲಸ ಮಾಡಿದವರಿಗೆ ಸರ್ವ ಕ್ಷೇತ್ರದ ಅನುಭವ ದೊರೆಯುತ್ತದೆ ಎಂದರು.

ಒತ್ತಡ ಇರುವುದಿಲ್ಲ, ನಮ್ಮಿಂದ ದೂರವಾಗುವುದನ್ನು ನಾವು ಹೊಂದಿಕೊಂಡು ಹೋಗಬೇಕು, ಒತ್ತಡ ನಿಯಂತ್ರಿಸಬೇಕು ಎಂದರು.

ಅಧ್ಯಯನ ಶೀಲತೆ ಪತ್ರಕರ್ತರಿಗೆ ಭೂಷಣ ಎಂದು ಹೇಳಿದ ಅವರು, ಸಮಾಜದ ಓರೆಕೋರೆಗಳನ್ನು ತಿದ್ದುವ ಕೆಲಸ ಪತ್ರಕರ್ತರಿಂದ ಆಗಬೇಕು. ಸಾಧಕ ಮಕ್ಕಳಿಗೆ ಪ್ರತಿಭಾ ಪುರಸ್ಕಾರ ನೀಡಿರುವುದು ಶ್ಲಾಘನೀಯ ಎಂದರು.

ಜಿಲ್ಲಾ ಪಂಚಾಯಿತಿ ಸಿಇಒ, ಎಸ್ಪಿ, ಸಂಘದ ಪದಾಧಿಕಾರಿಗಳು ಉಪಸ್ಥಿತರಿದ್ದರು.

ಪತ್ರಕರ್ತರ ಆರ್ಥಿಕ ನಿಧಿ–1 ಕೋಟಿಗಳಿಂದ
ಜಿಲ್ಲಾ ಕಾರ್ಯನಿರತ ಪತ್ರಕರ್ತರ ಸಂಘದ ಅಧ್ಯಕ್ಷ ಬಿ.ವಿ.ಗೋಪಿನಾಥ್ ಮಾತನಾಡಿ, ಜಿಲ್ಲೆಯ ಪತ್ರಕರ್ತರ ಕ್ಷೇಮಾಭಿವೃದ್ಧಿಗೆ ಆರ್ಥಿಕ ನಿಧಿ ಸ್ಥಾಪಿಸಲಾಗಿದ್ದು ನೆರವು ನೀಡಲಾಗುತ್ತಿದೆ ಎಂದರು.
☞ ಪುಟ 4ಕ್ಕೆ
CMK
